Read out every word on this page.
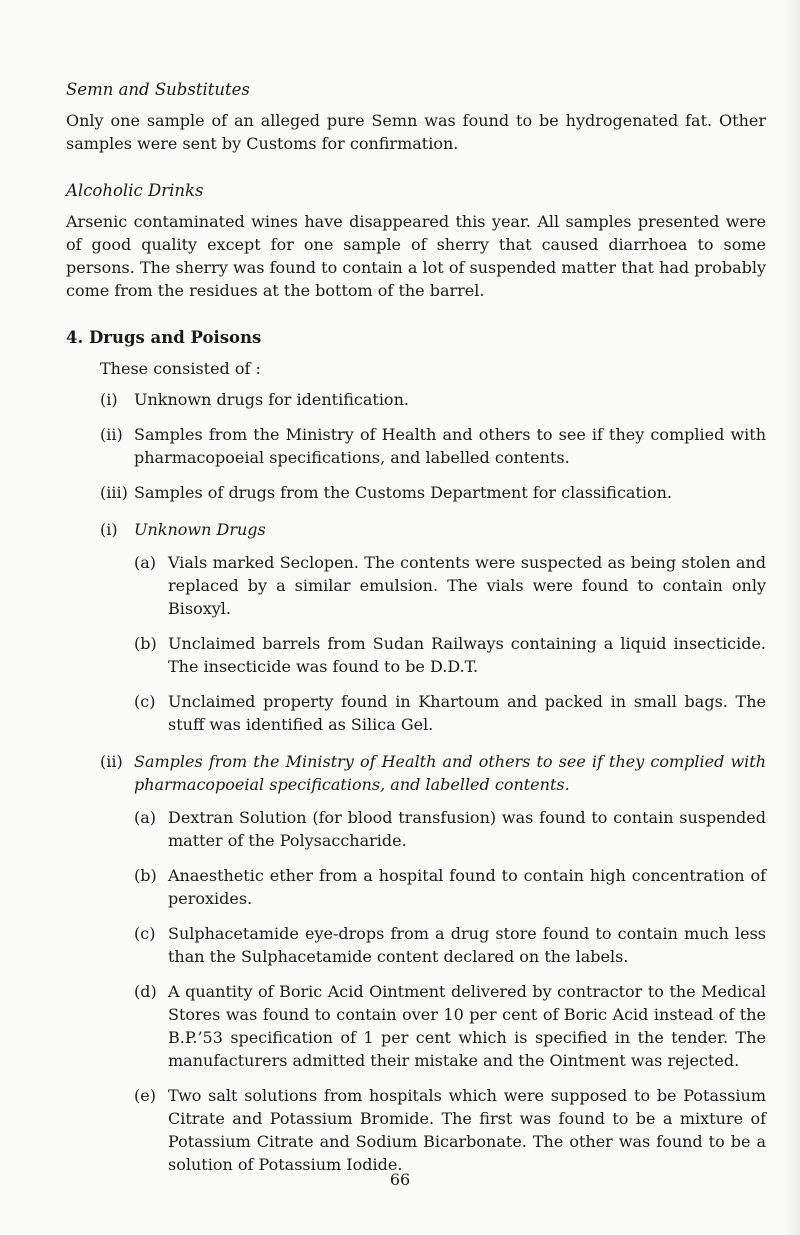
Semn and Substitutes

Only one sample of an alleged pure Semn was found to be hydrogenated fat. Other samples were sent by Customs for confirmation.

Alcoholic Drinks

Arsenic contaminated wines have disappeared this year. All samples presented were of good quality except for one sample of sherry that caused diarrhoea to some persons. The sherry was found to contain a lot of suspended matter that had probably come from the residues at the bottom of the barrel.

4. Drugs and Poisons

These consisted of :

(i)	Unknown drugs for identification.
(ii) Samples from the Ministry of Health and others to see if they complied with pharmacopoeial specifications, and labelled contents.
(iii) Samples of drugs from the Customs Department for classification.
(i)	Unknown Drugs
(a) Vials marked Seclopen. The contents were suspected as being stolen and replaced by a similar emulsion. The vials were found to contain only Bisoxyl.
(b) Unclaimed barrels from Sudan Railways containing a liquid insecticide. The insecticide was found to be D.D.T.
(c) Unclaimed property found in Khartoum and packed in small bags. The stuff was identified as Silica Gel.
(ii) Samples from the Ministry of Health and others to see if they complied with pharmacopoeial specifications, and labelled contents.
(a) Dextran Solution (for blood transfusion) was found to contain suspended matter of the Polysaccharide.
(b) Anaesthetic ether from a hospital found to contain high concentration of peroxides.
(c) Sulphacetamide eye-drops from a drug store found to contain much less than the Sulphacetamide content declared on the labels.
(d) A quantity of Boric Acid Ointment delivered by contractor to the Medical Stores was found to contain over 10 per cent of Boric Acid instead of the B.P.’53 specification of 1 per cent which is specified in the tender. The manufacturers admitted their mistake and the Ointment was rejected.
(e) Two salt solutions from hospitals which were supposed to be Potassium Citrate and Potassium Bromide. The first was found to be a mixture of Potassium Citrate and Sodium Bicarbonate. The other was found to be a solution of Potassium Iodide.
66
